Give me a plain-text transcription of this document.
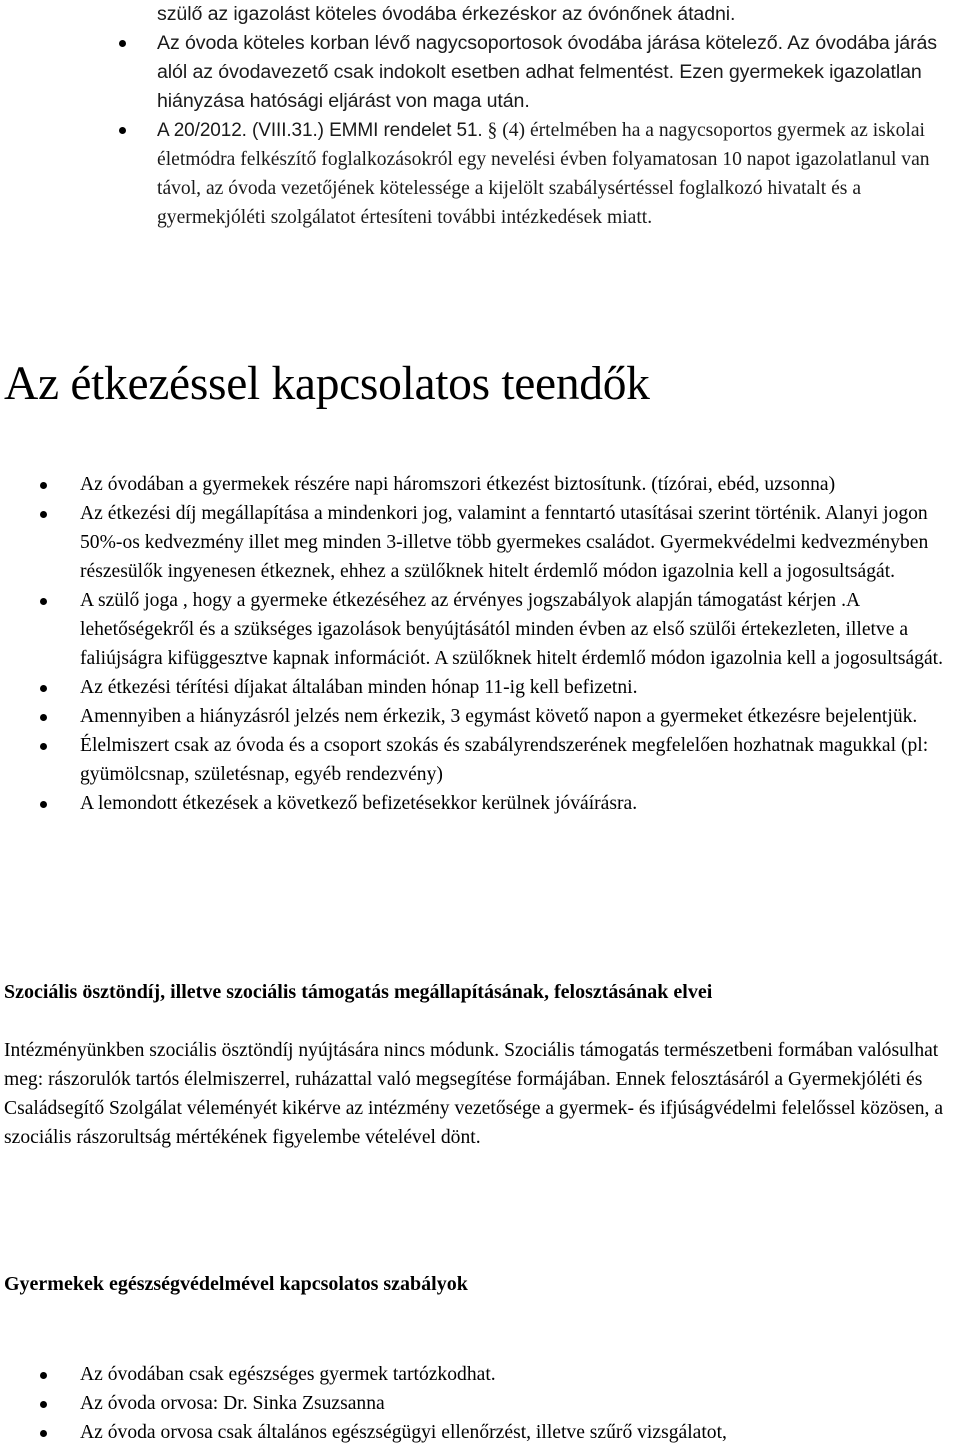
szülő az igazolást köteles óvodába érkezéskor az óvónőnek átadni.
Az óvoda köteles korban lévő nagycsoportosok óvodába járása kötelező. Az óvodába járás alól az óvodavezető csak indokolt esetben adhat felmentést. Ezen gyermekek igazolatlan hiányzása hatósági eljárást von maga után.
A 20/2012. (VIII.31.) EMMI rendelet 51. § (4) értelmében ha a nagycsoportos gyermek az iskolai életmódra felkészítő foglalkozásokról egy nevelési évben folyamatosan 10 napot igazolatlanul van távol, az óvoda vezetőjének kötelessége a kijelölt szabálysértéssel foglalkozó hivatalt és a gyermekjóléti szolgálatot értesíteni további intézkedések miatt.
Az étkezéssel kapcsolatos teendők
Az óvodában a gyermekek részére napi háromszori étkezést biztosítunk. (tízórai, ebéd, uzsonna)
Az étkezési díj megállapítása a mindenkori jog, valamint a fenntartó utasításai szerint történik. Alanyi jogon 50%-os kedvezmény illet meg minden 3-illetve több gyermekes családot. Gyermekvédelmi kedvezményben részesülők ingyenesen étkeznek, ehhez a szülőknek hitelt érdemlő módon igazolnia kell a jogosultságát.
A szülő joga , hogy a gyermeke étkezéséhez az érvényes jogszabályok alapján támogatást kérjen .A lehetőségekről és a szükséges igazolások benyújtásától minden évben az első szülői értekezleten, illetve a faliújságra kifüggesztve kapnak információt. A szülőknek hitelt érdemlő módon igazolnia kell a jogosultságát.
Az étkezési térítési díjakat általában minden hónap 11-ig kell befizetni.
Amennyiben a hiányzásról jelzés nem érkezik, 3 egymást követő napon a gyermeket étkezésre bejelentjük.
Élelmiszert csak az óvoda és a csoport szokás és szabályrendszerének megfelelően hozhatnak magukkal (pl: gyümölcsnap, születésnap, egyéb rendezvény)
A lemondott étkezések a következő befizetésekkor kerülnek jóváírásra.
Szociális ösztöndíj, illetve szociális támogatás megállapításának, felosztásának elvei

Intézményünkben szociális ösztöndíj nyújtására nincs módunk. Szociális támogatás természetbeni formában valósulhat meg: rászorulók tartós élelmiszerrel, ruházattal való megsegítése formájában. Ennek felosztásáról a Gyermekjóléti és Családsegítő Szolgálat véleményét kikérve az intézmény vezetősége a gyermek- és ifjúságvédelmi felelőssel közösen, a szociális rászorultság mértékének figyelembe vételével dönt.

Gyermekek egészségvédelmével kapcsolatos szabályok
Az óvodában csak egészséges gyermek tartózkodhat.
Az óvoda orvosa: Dr. Sinka Zsuzsanna
Az óvoda orvosa csak általános egészségügyi ellenőrzést, illetve szűrő vizsgálatot,
